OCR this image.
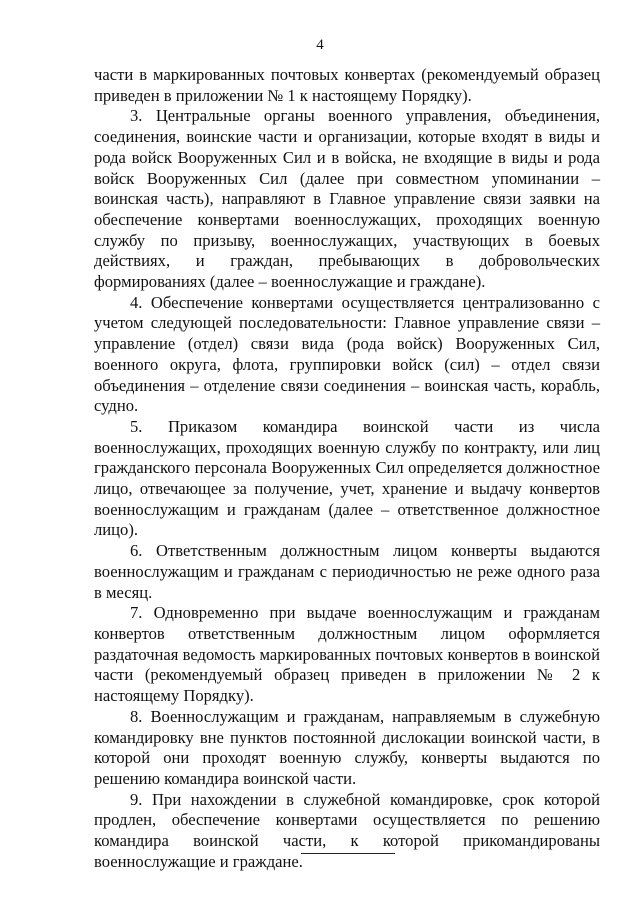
4

части в маркированных почтовых конвертах (рекомендуемый образец приведен в приложении № 1 к настоящему Порядку).

3. Центральные органы военного управления, объединения, соединения, воинские части и организации, которые входят в виды и рода войск Вооруженных Сил и в войска, не входящие в виды и рода войск Вооруженных Сил (далее при совместном упоминании – воинская часть), направляют в Главное управление связи заявки на обеспечение конвертами военнослужащих, проходящих военную службу по призыву, военнослужащих, участвующих в боевых действиях, и граждан, пребывающих в добровольческих формированиях (далее – военнослужащие и граждане).

4. Обеспечение конвертами осуществляется централизованно с учетом следующей последовательности: Главное управление связи – управление (отдел) связи вида (рода войск) Вооруженных Сил, военного округа, флота, группировки войск (сил) – отдел связи объединения – отделение связи соединения – воинская часть, корабль, судно.

5. Приказом командира воинской части из числа военнослужащих, проходящих военную службу по контракту, или лиц гражданского персонала Вооруженных Сил определяется должностное лицо, отвечающее за получение, учет, хранение и выдачу конвертов военнослужащим и гражданам (далее – ответственное должностное лицо).

6. Ответственным должностным лицом конверты выдаются военнослужащим и гражданам с периодичностью не реже одного раза в месяц.

7. Одновременно при выдаче военнослужащим и гражданам конвертов ответственным должностным лицом оформляется раздаточная ведомость маркированных почтовых конвертов в воинской части (рекомендуемый образец приведен в приложении № 2 к настоящему Порядку).

8. Военнослужащим и гражданам, направляемым в служебную командировку вне пунктов постоянной дислокации воинской части, в которой они проходят военную службу, конверты выдаются по решению командира воинской части.

9. При нахождении в служебной командировке, срок которой продлен, обеспечение конвертами осуществляется по решению командира воинской части, к которой прикомандированы военнослужащие и граждане.
